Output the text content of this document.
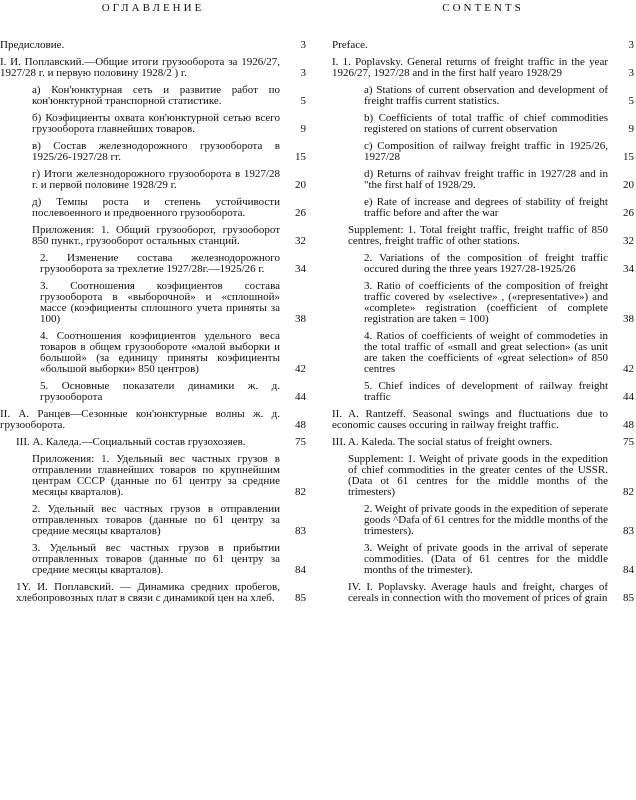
ОГЛАВЛЕНИЕ
Предисловие.	3
I. И. Поплавский.—Общие итоги грузооборота за 1926/27, 1927/28 г. и первую половину 1928/2 ) г.	3
а) Кон'юнктурная сеть и развитие работ по кон'юнктурной транспорной статистике.	5
б) Коэфициенты охвата кон'юнктурной сетью всего грузооборота главнейших товаров.	9
в) Состав железнодорожного грузооборота в 1925/26-1927/28 гг.	15
г) Итоги железнодорожного грузооборота в 1927/28 г. и первой половине 1928/29 г.	20
д) Темпы роста и степень устойчивости послевоенного и предвоенного грузооборота.	26
Приложения: 1. Общий грузооборот, грузооборот 850 пункт., грузооборот остальных станций.	32
2. Изменение состава железнодорожного грузооборота за трехлетие 1927/28г.—1925/26 г.	34
3. Соотношения коэфициентов состава грузооборота в «выборочной» и «сплошной» массе (коэфициенты сплошного учета приняты за 100)	38
4. Соотношения коэфициентов удельного веса товаров в общем грузообороте «малой выборки и большой» (за единицу приняты коэфициенты «большой выборки» 850 центров)	42
5. Основные показатели динамики ж. д. грузооборота	44
II. А. Ранцев—Сезонные кон'юнктурные волны ж. д. грузооборота.	48
III. А. Каледа.—Социальный состав грузохозяев.	75
Приложения: 1. Удельный вес частных грузов в отправлении главнейших товаров по крупнейшим центрам СССР (данные по 61 центру за средние месяцы кварталов).	82
2. Удельный вес частных грузов в отправлении отправленных товаров (данные по 61 центру за средние месяцы кварталов)	83
3. Удельный вес частных грузов в прибытии отправленных товаров (данные по 61 центру за средние месяцы кварталов).	84
1Y. И. Поплавский. — Динамика средних пробегов, хлебопровозных плат в связи с динамикой цен на хлеб.	85
CONTENTS
Preface.	3
I. 1. Poplavsky. General returns of freight traffic in the year 1926/27, 1927/28 and in the first half yearo 1928/29	3
a) Stations of current observation and development of freight traffis current statistics.	5
b) Coefficients of total traffic of chief commodities registered on stations of current observation	9
c) Composition of railway freight traffic in 1925/26, 1927/28	15
d) Returns of raihvav freight traffic in 1927/28 and in "the first half of 1928/29.	20
e) Rate of increase and degrees of stability of freight traffic before and after the war	26
Supplement: 1. Total freight traffic, freight traffic of 850 centres, freight traffic of other stations.	32
2. Variations of the composition of freight traffic occured during the three years 1927/28-1925/26	34
3. Ratio of coefficients of the composition of freight traffic covered by «selective» , («representative») and «complete» registration (coefficient of complete registration are taken = 100)	38
4. Ratios of coefficients of weight of commodeties in the total traffic of «small and great selection» (as unit are taken the coefficients of «great selection» of 850 centres	42
5. Chief indices of development of railway freight traffic	44
II. A. Rantzeff. Seasonal swings and fluctuations due to economic causes occuring in railway freight traffic.	48
III. A. Kaleda. The social status of freight owners.	75
Supplement: 1. Weight of private goods in the expedition of chief commodities in the greater centes of the USSR. (Data ot 61 centres for the middle months of the trimesters)	82
2. Weight of private goods in the expedition of seperate goods ^Dafa of 61 centres for the middle months of the trimesters).	83
3. Weight of private goods in the arrival of seperate commodities. (Data of 61 centres for the middle months of the trimester).	84
IV. I. Poplavsky. Average hauls and freight, charges of cereals in connection with tho movement of prices of grain	85
